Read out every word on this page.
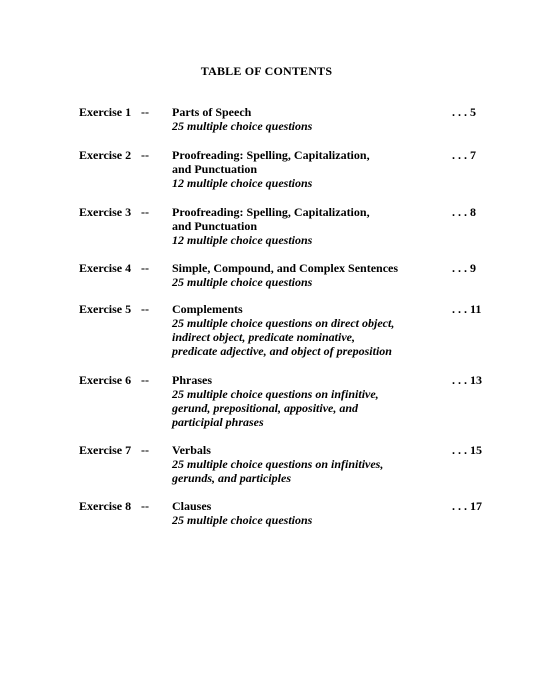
TABLE OF CONTENTS
Exercise 1 -- Parts of Speech
25 multiple choice questions
. . . 5
Exercise 2 -- Proofreading: Spelling, Capitalization,
and Punctuation
12 multiple choice questions
. . . 7
Exercise 3 -- Proofreading: Spelling, Capitalization,
and Punctuation
12 multiple choice questions
. . . 8
Exercise 4 -- Simple, Compound, and Complex Sentences
25 multiple choice questions
. . . 9
Exercise 5 -- Complements
25 multiple choice questions on direct object,
indirect object, predicate nominative,
predicate adjective, and object of preposition
. . . 11
Exercise 6 -- Phrases
25 multiple choice questions on infinitive,
gerund, prepositional, appositive, and
participial phrases
. . . 13
Exercise 7 -- Verbals
25 multiple choice questions on infinitives,
gerunds, and participles
. . . 15
Exercise 8 -- Clauses
25 multiple choice questions
. . . 17
